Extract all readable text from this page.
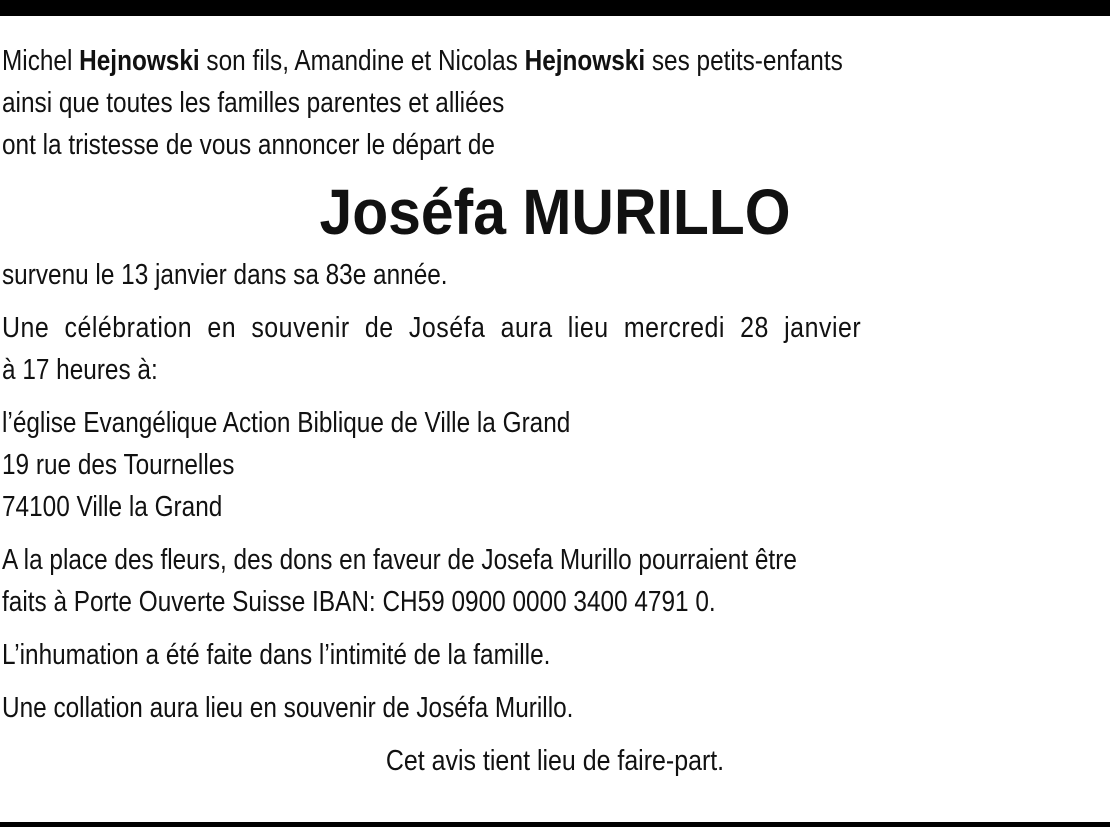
Michel Hejnowski son fils, Amandine et Nicolas Hejnowski ses petits-enfants
ainsi que toutes les familles parentes et alliées
ont la tristesse de vous annoncer le départ de
Joséfa MURILLO
survenu le 13 janvier dans sa 83e année.
Une célébration en souvenir de Joséfa aura lieu mercredi 28 janvier
à 17 heures à:
l’église Evangélique Action Biblique de Ville la Grand
19 rue des Tournelles
74100 Ville la Grand
A la place des fleurs, des dons en faveur de Josefa Murillo pourraient être
faits à Porte Ouverte Suisse IBAN: CH59 0900 0000 3400 4791 0.
L’inhumation a été faite dans l’intimité de la famille.
Une collation aura lieu en souvenir de Joséfa Murillo.
Cet avis tient lieu de faire-part.
